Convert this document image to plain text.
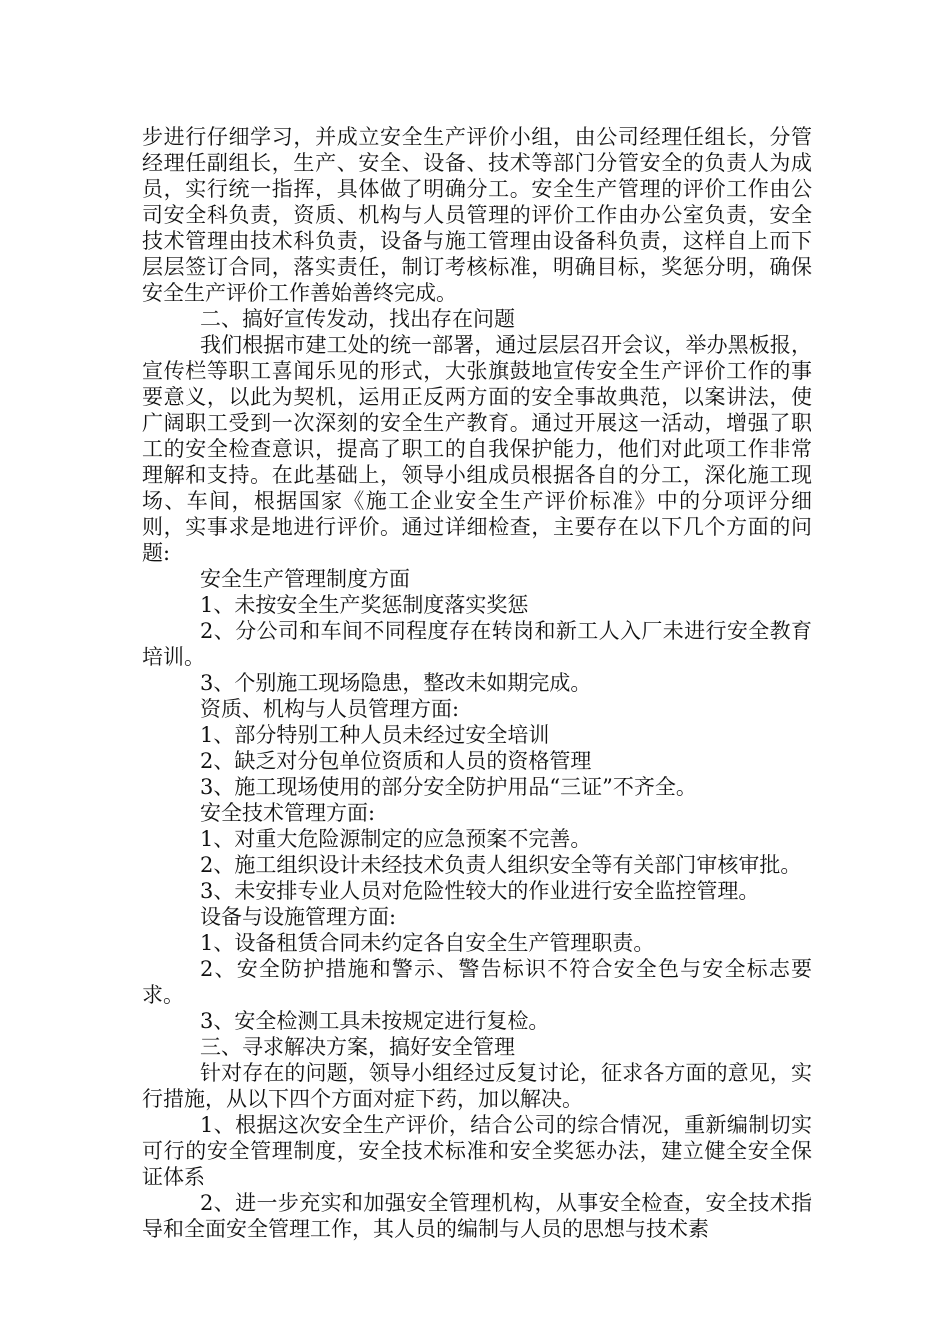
步进行仔细学习，并成立安全生产评价小组，由公司经理任组长，分管经理任副组长，生产、安全、设备、技术等部门分管安全的负责人为成员，实行统一指挥，具体做了明确分工。安全生产管理的评价工作由公司安全科负责，资质、机构与人员管理的评价工作由办公室负责，安全技术管理由技术科负责，设备与施工管理由设备科负责，这样自上而下层层签订合同，落实责任，制订考核标准，明确目标，奖惩分明，确保安全生产评价工作善始善终完成。

二、搞好宣传发动，找出存在问题

我们根据市建工处的统一部署，通过层层召开会议，举办黑板报，宣传栏等职工喜闻乐见的形式，大张旗鼓地宣传安全生产评价工作的事要意义，以此为契机，运用正反两方面的安全事故典范，以案讲法，使广阔职工受到一次深刻的安全生产教育。通过开展这一活动，增强了职工的安全检查意识，提高了职工的自我保护能力，他们对此项工作非常理解和支持。在此基础上，领导小组成员根据各自的分工，深化施工现场、车间，根据国家《施工企业安全生产评价标准》中的分项评分细则，实事求是地进行评价。通过详细检查，主要存在以下几个方面的问题:

安全生产管理制度方面

1、未按安全生产奖惩制度落实奖惩

2、分公司和车间不同程度存在转岗和新工人入厂未进行安全教育培训。

3、个别施工现场隐患，整改未如期完成。

资质、机构与人员管理方面:

1、部分特别工种人员未经过安全培训

2、缺乏对分包单位资质和人员的资格管理

3、施工现场使用的部分安全防护用品“三证”不齐全。

安全技术管理方面:

1、对重大危险源制定的应急预案不完善。

2、施工组织设计未经技术负责人组织安全等有关部门审核审批。

3、未安排专业人员对危险性较大的作业进行安全监控管理。

设备与设施管理方面:

1、设备租赁合同未约定各自安全生产管理职责。

2、安全防护措施和警示、警告标识不符合安全色与安全标志要求。

3、安全检测工具未按规定进行复检。

三、寻求解决方案，搞好安全管理

针对存在的问题，领导小组经过反复讨论，征求各方面的意见，实行措施，从以下四个方面对症下药，加以解决。

1、根据这次安全生产评价，结合公司的综合情况，重新编制切实可行的安全管理制度，安全技术标准和安全奖惩办法，建立健全安全保证体系

2、进一步充实和加强安全管理机构，从事安全检查，安全技术指导和全面安全管理工作，其人员的编制与人员的思想与技术素
